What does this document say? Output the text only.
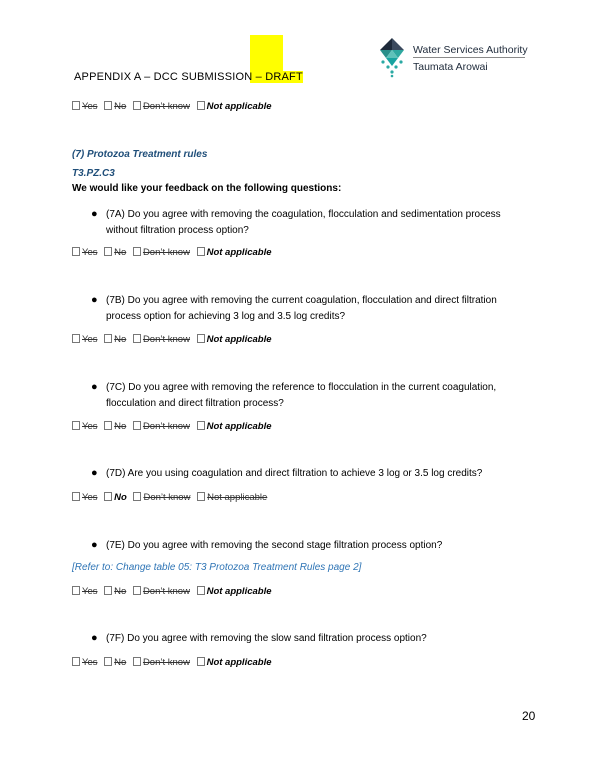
APPENDIX A – DCC SUBMISSION – DRAFT
Water Services Authority
Taumata Arowai
Yes No Don’t know Not applicable
(7) Protozoa Treatment rules
T3.PZ.C3
We would like your feedback on the following questions:
● (7A) Do you agree with removing the coagulation, flocculation and sedimentation process without filtration process option?
Yes No Don’t know Not applicable
● (7B) Do you agree with removing the current coagulation, flocculation and direct filtration process option for achieving 3 log and 3.5 log credits?
Yes No Don’t know Not applicable
● (7C) Do you agree with removing the reference to flocculation in the current coagulation, flocculation and direct filtration process?
Yes No Don’t know Not applicable
● (7D) Are you using coagulation and direct filtration to achieve 3 log or 3.5 log credits?
Yes No Don’t know Not applicable
● (7E) Do you agree with removing the second stage filtration process option?
[Refer to: Change table 05: T3 Protozoa Treatment Rules page 2]
Yes No Don’t know Not applicable
● (7F) Do you agree with removing the slow sand filtration process option?
Yes No Don’t know Not applicable
20
